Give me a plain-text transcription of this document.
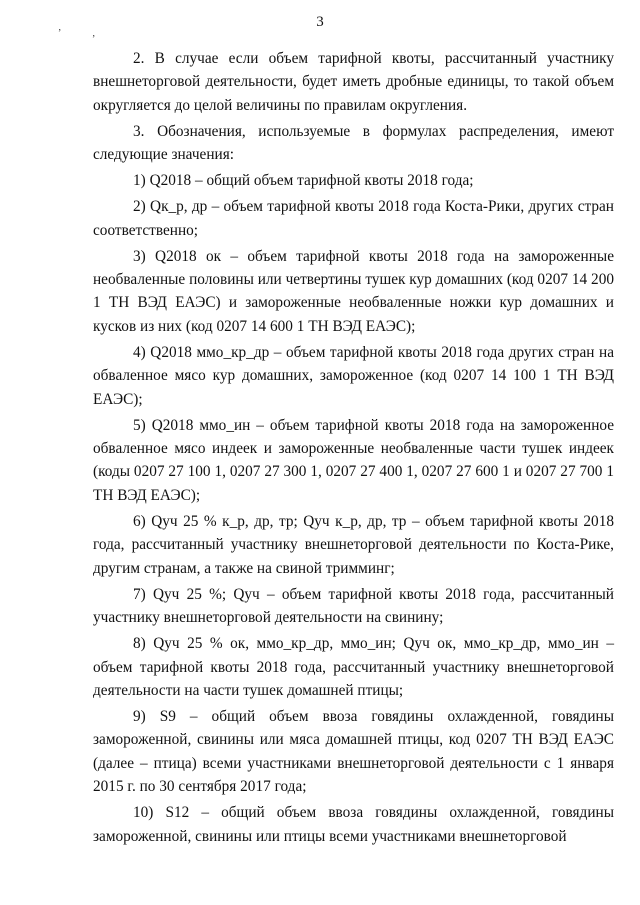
3
’	‚

2. В случае если объем тарифной квоты, рассчитанный участнику внешнеторговой деятельности, будет иметь дробные единицы, то такой объем округляется до целой величины по правилам округления.

3. Обозначения, используемые в формулах распределения, имеют следующие значения:

1) Q2018 – общий объем тарифной квоты 2018 года;

2) Qк_р, др – объем тарифной квоты 2018 года Коста-Рики, других стран соответственно;

3) Q2018 ок – объем тарифной квоты 2018 года на замороженные необваленные половины или четвертины тушек кур домашних (код 0207 14 200 1 ТН ВЭД ЕАЭС) и замороженные необваленные ножки кур домашних и кусков из них (код 0207 14 600 1 ТН ВЭД ЕАЭС);

4) Q2018 ммо_кр_др – объем тарифной квоты 2018 года других стран на обваленное мясо кур домашних, замороженное (код 0207 14 100 1 ТН ВЭД ЕАЭС);

5) Q2018 ммо_ин – объем тарифной квоты 2018 года на замороженное обваленное мясо индеек и замороженные необваленные части тушек индеек (коды 0207 27 100 1, 0207 27 300 1, 0207 27 400 1, 0207 27 600 1 и 0207 27 700 1 ТН ВЭД ЕАЭС);

6) Qуч 25 % к_р, др, тр; Qуч к_р, др, тр – объем тарифной квоты 2018 года, рассчитанный участнику внешнеторговой деятельности по Коста-Рике, другим странам, а также на свиной тримминг;

7) Qуч 25 %; Qуч – объем тарифной квоты 2018 года, рассчитанный участнику внешнеторговой деятельности на свинину;

8) Qуч 25 % ок, ммо_кр_др, ммо_ин; Qуч ок, ммо_кр_др, ммо_ин – объем тарифной квоты 2018 года, рассчитанный участнику внешнеторговой деятельности на части тушек домашней птицы;

9) S9 – общий объем ввоза говядины охлажденной, говядины замороженной, свинины или мяса домашней птицы, код 0207 ТН ВЭД ЕАЭС (далее – птица) всеми участниками внешнеторговой деятельности с 1 января 2015 г. по 30 сентября 2017 года;

10) S12 – общий объем ввоза говядины охлажденной, говядины замороженной, свинины или птицы всеми участниками внешнеторговой
